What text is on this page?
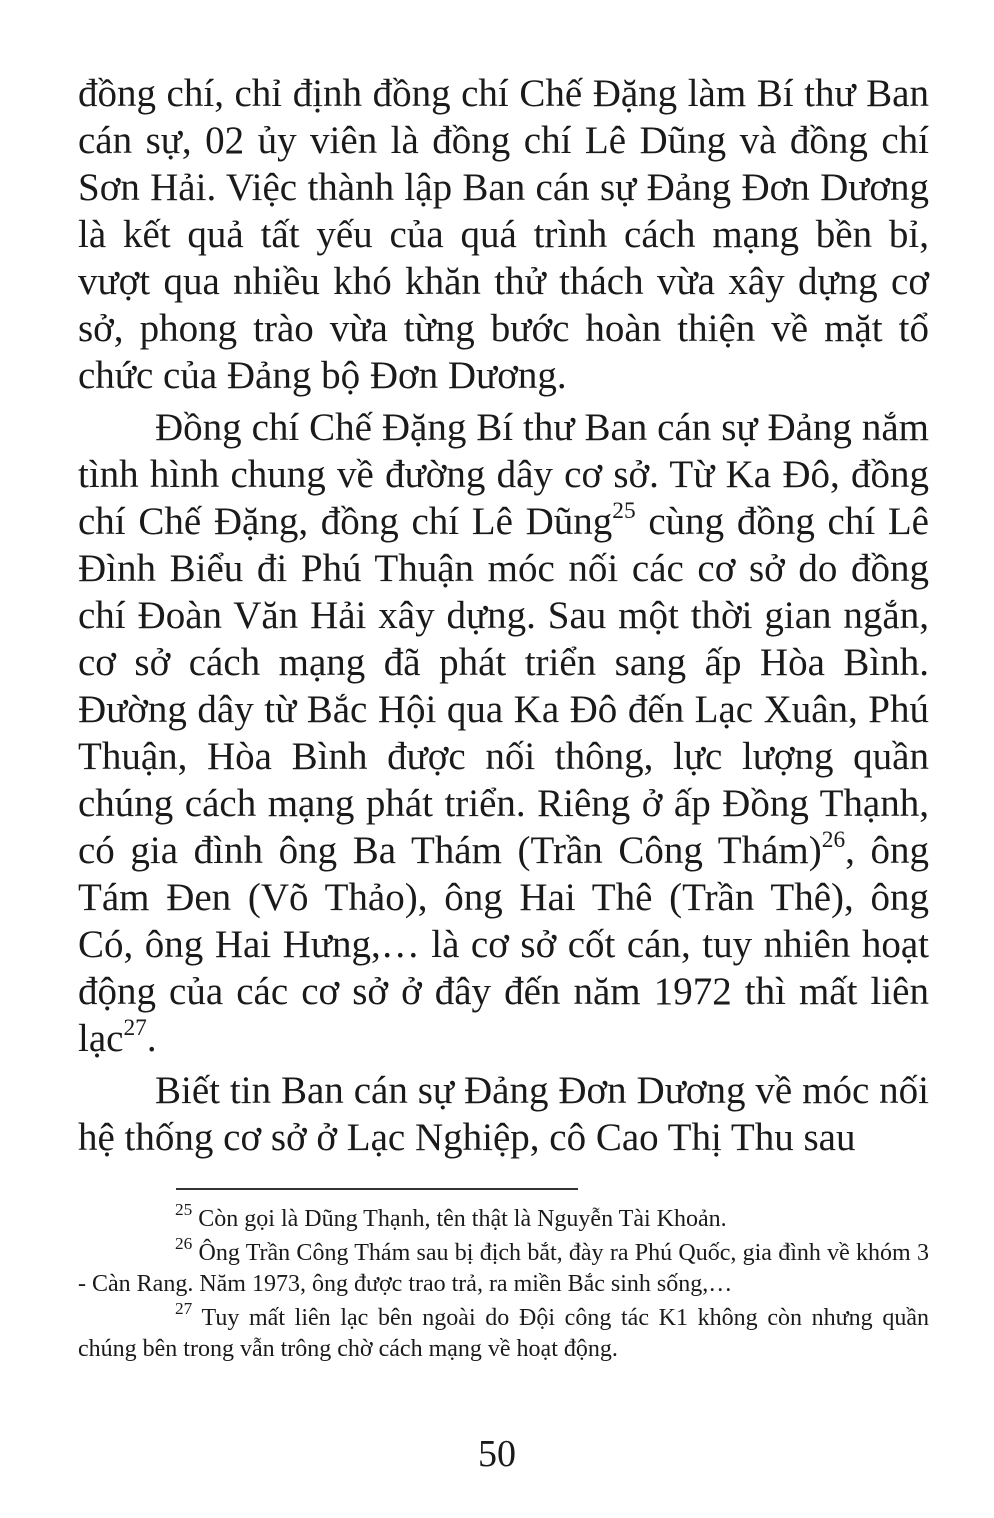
đồng chí, chỉ định đồng chí Chế Đặng làm Bí thư Ban cán sự, 02 ủy viên là đồng chí Lê Dũng và đồng chí Sơn Hải. Việc thành lập Ban cán sự Đảng Đơn Dương là kết quả tất yếu của quá trình cách mạng bền bỉ, vượt qua nhiều khó khăn thử thách vừa xây dựng cơ sở, phong trào vừa từng bước hoàn thiện về mặt tổ chức của Đảng bộ Đơn Dương.

Đồng chí Chế Đặng Bí thư Ban cán sự Đảng nắm tình hình chung về đường dây cơ sở. Từ Ka Đô, đồng chí Chế Đặng, đồng chí Lê Dũng$^{25}$ cùng đồng chí Lê Đình Biểu đi Phú Thuận móc nối các cơ sở do đồng chí Đoàn Văn Hải xây dựng. Sau một thời gian ngắn, cơ sở cách mạng đã phát triển sang ấp Hòa Bình. Đường dây từ Bắc Hội qua Ka Đô đến Lạc Xuân, Phú Thuận, Hòa Bình được nối thông, lực lượng quần chúng cách mạng phát triển. Riêng ở ấp Đồng Thạnh, có gia đình ông Ba Thám (Trần Công Thám)$^{26}$, ông Tám Đen (Võ Thảo), ông Hai Thê (Trần Thê), ông Có, ông Hai Hưng,… là cơ sở cốt cán, tuy nhiên hoạt động của các cơ sở ở đây đến năm 1972 thì mất liên lạc$^{27}$.

Biết tin Ban cán sự Đảng Đơn Dương về móc nối hệ thống cơ sở ở Lạc Nghiệp, cô Cao Thị Thu sau

$^{25}$ Còn gọi là Dũng Thạnh, tên thật là Nguyễn Tài Khoản.

$^{26}$ Ông Trần Công Thám sau bị địch bắt, đày ra Phú Quốc, gia đình về khóm 3 - Càn Rang. Năm 1973, ông được trao trả, ra miền Bắc sinh sống,…

$^{27}$ Tuy mất liên lạc bên ngoài do Đội công tác K1 không còn nhưng quần chúng bên trong vẫn trông chờ cách mạng về hoạt động.

50
